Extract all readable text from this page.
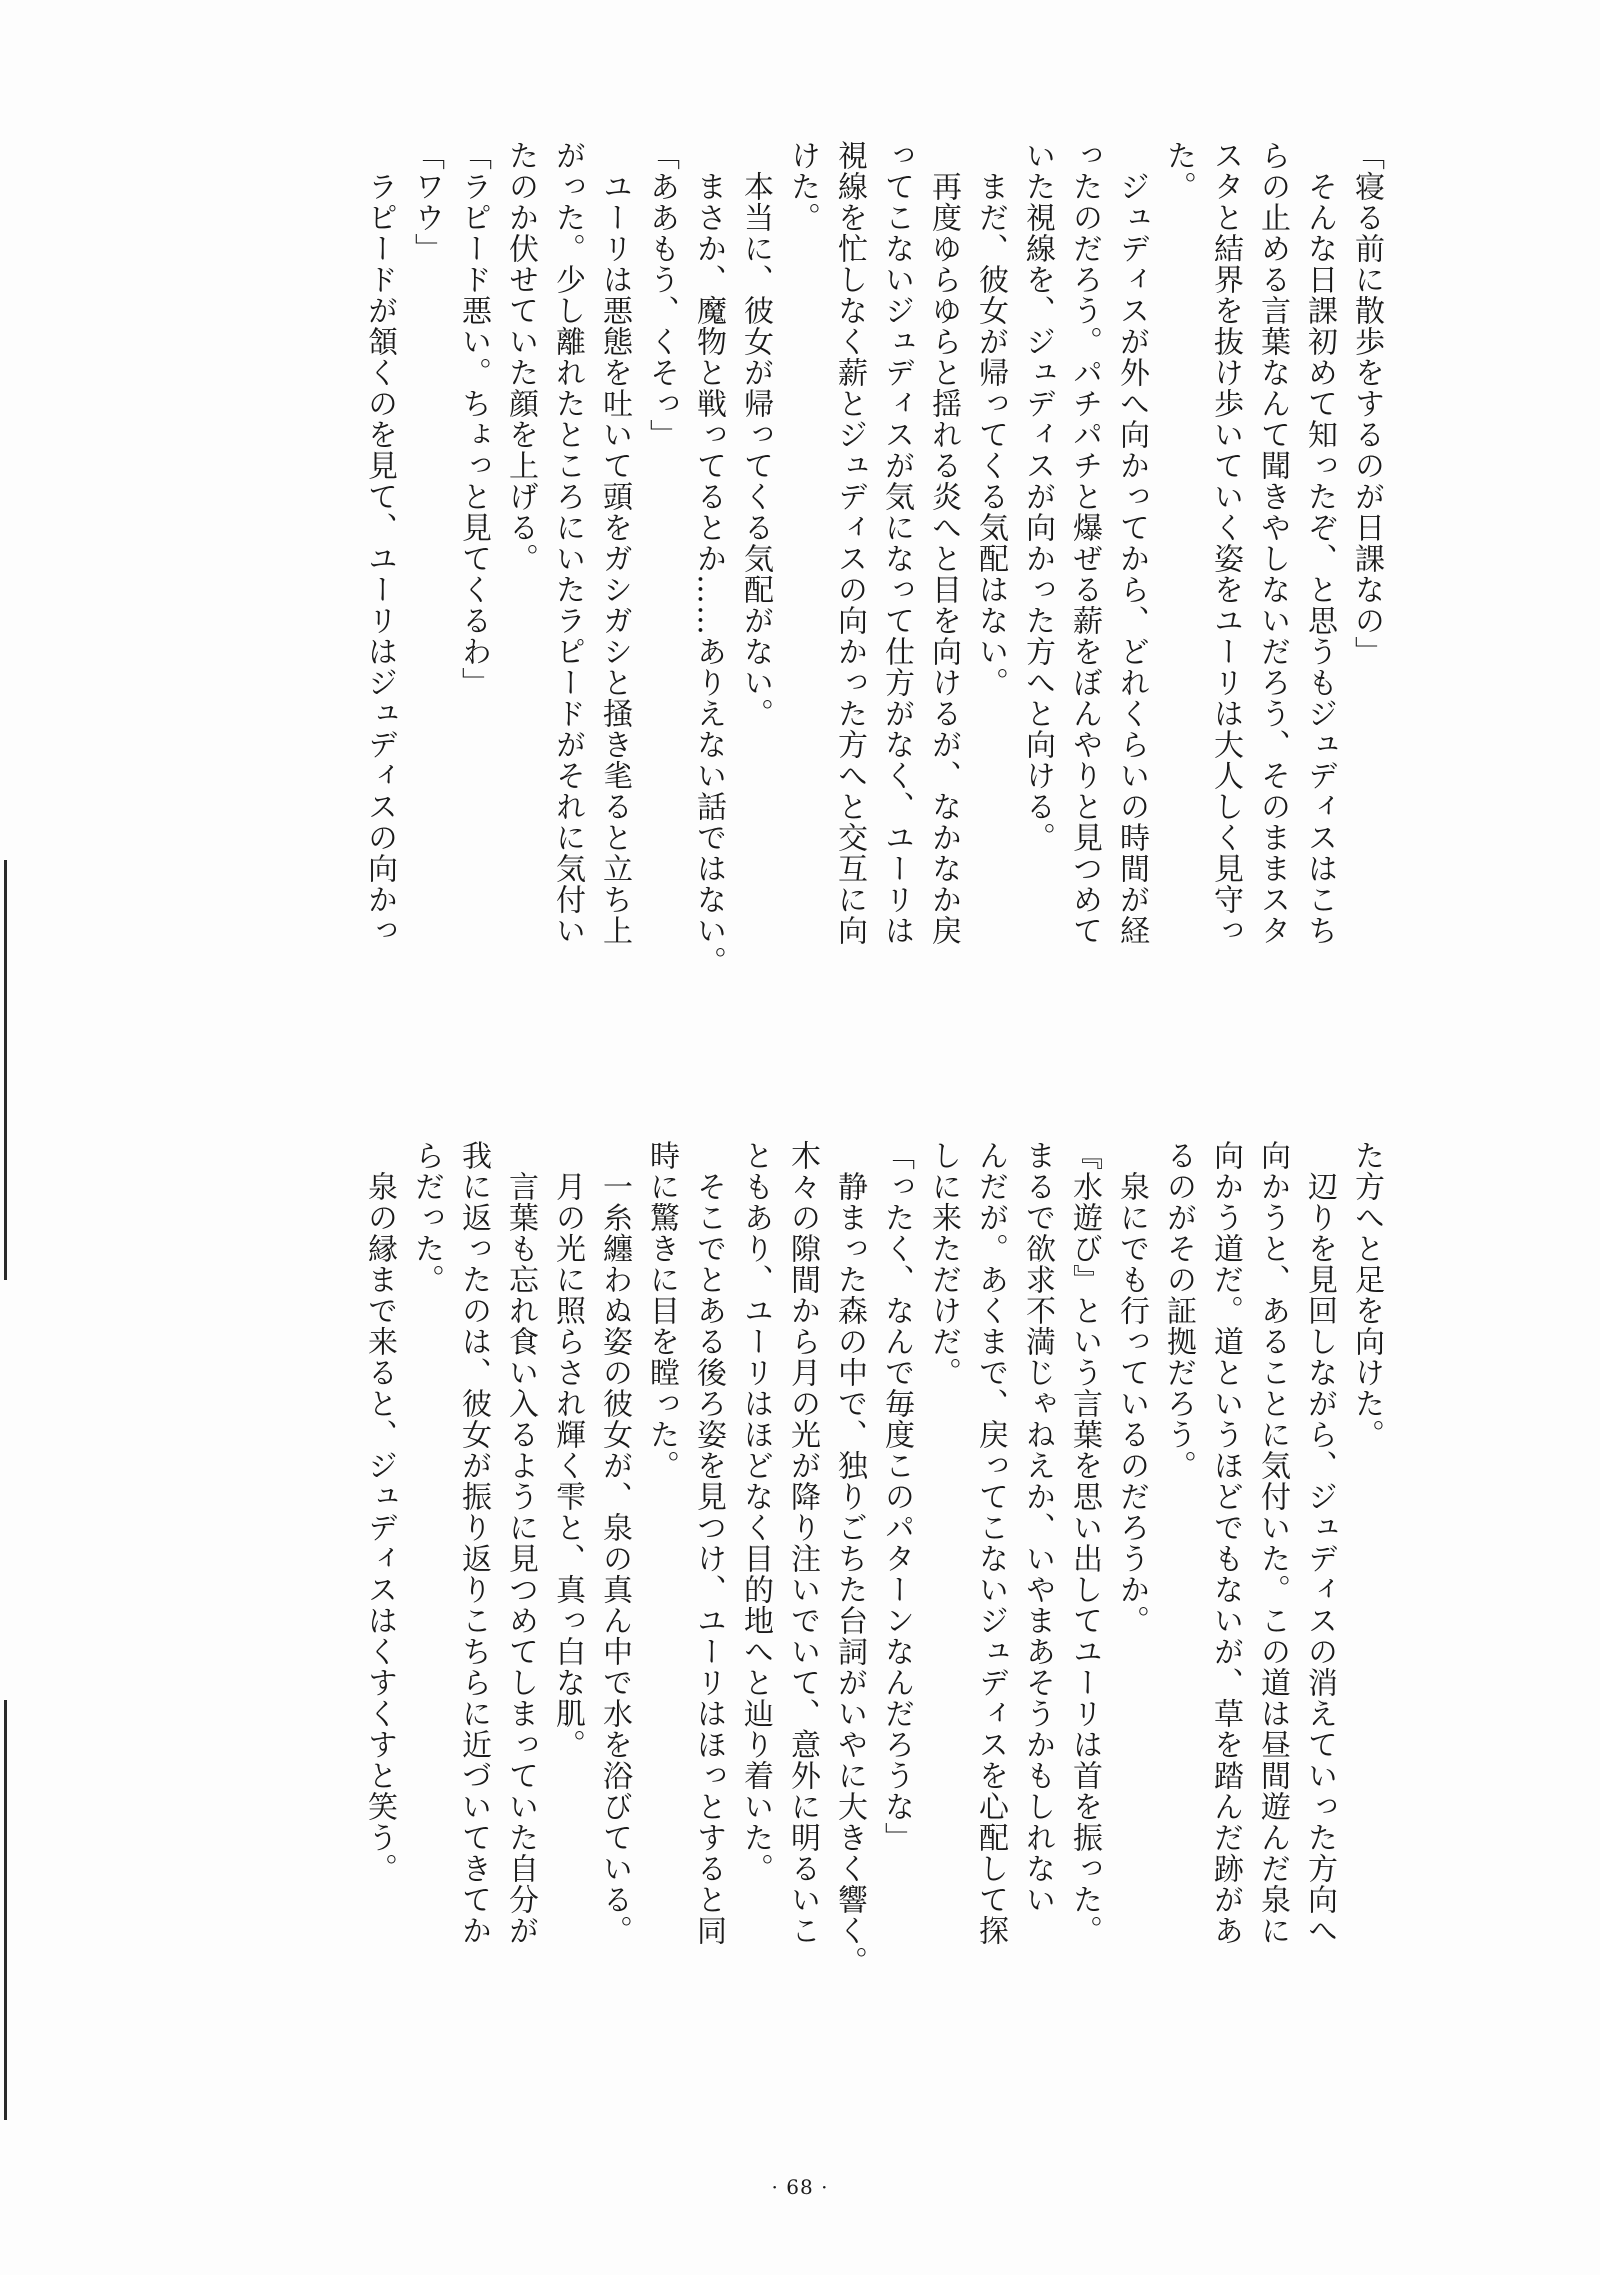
「寝る前に散歩をするのが日課なの」
　そんな日課初めて知ったぞ、と思うもジュディスはこち
らの止める言葉なんて聞きやしないだろう、そのままスタ
スタと結界を抜け歩いていく姿をユーリは大人しく見守っ
た。
　ジュディスが外へ向かってから、どれくらいの時間が経
ったのだろう。パチパチと爆ぜる薪をぼんやりと見つめて
いた視線を、ジュディスが向かった方へと向ける。
　まだ、彼女が帰ってくる気配はない。
　再度ゆらゆらと揺れる炎へと目を向けるが、なかなか戻
ってこないジュディスが気になって仕方がなく、ユーリは
視線を忙しなく薪とジュディスの向かった方へと交互に向
けた。
　本当に、彼女が帰ってくる気配がない。
　まさか、魔物と戦ってるとか……ありえない話ではない。
「ああもう、くそっ」
　ユーリは悪態を吐いて頭をガシガシと掻き毟ると立ち上
がった。少し離れたところにいたラピードがそれに気付い
たのか伏せていた顔を上げる。
「ラピード悪い。ちょっと見てくるわ」
「ワウ」
　ラピードが頷くのを見て、ユーリはジュディスの向かっ
た方へと足を向けた。
　辺りを見回しながら、ジュディスの消えていった方向へ
向かうと、あることに気付いた。この道は昼間遊んだ泉に
向かう道だ。道というほどでもないが、草を踏んだ跡があ
るのがその証拠だろう。
　泉にでも行っているのだろうか。
『水遊び』という言葉を思い出してユーリは首を振った。
まるで欲求不満じゃねえか、いやまあそうかもしれない
んだが。あくまで、戻ってこないジュディスを心配して探
しに来ただけだ。
「ったく、なんで毎度このパターンなんだろうな」
　静まった森の中で、独りごちた台詞がいやに大きく響く。
木々の隙間から月の光が降り注いでいて、意外に明るいこ
ともあり、ユーリはほどなく目的地へと辿り着いた。
　そこでとある後ろ姿を見つけ、ユーリはほっとすると同
時に驚きに目を瞠った。
　一糸纏わぬ姿の彼女が、泉の真ん中で水を浴びている。
　月の光に照らされ輝く雫と、真っ白な肌。
　言葉も忘れ食い入るように見つめてしまっていた自分が
我に返ったのは、彼女が振り返りこちらに近づいてきてか
らだった。
　泉の縁まで来ると、ジュディスはくすくすと笑う。
· 68 ·
